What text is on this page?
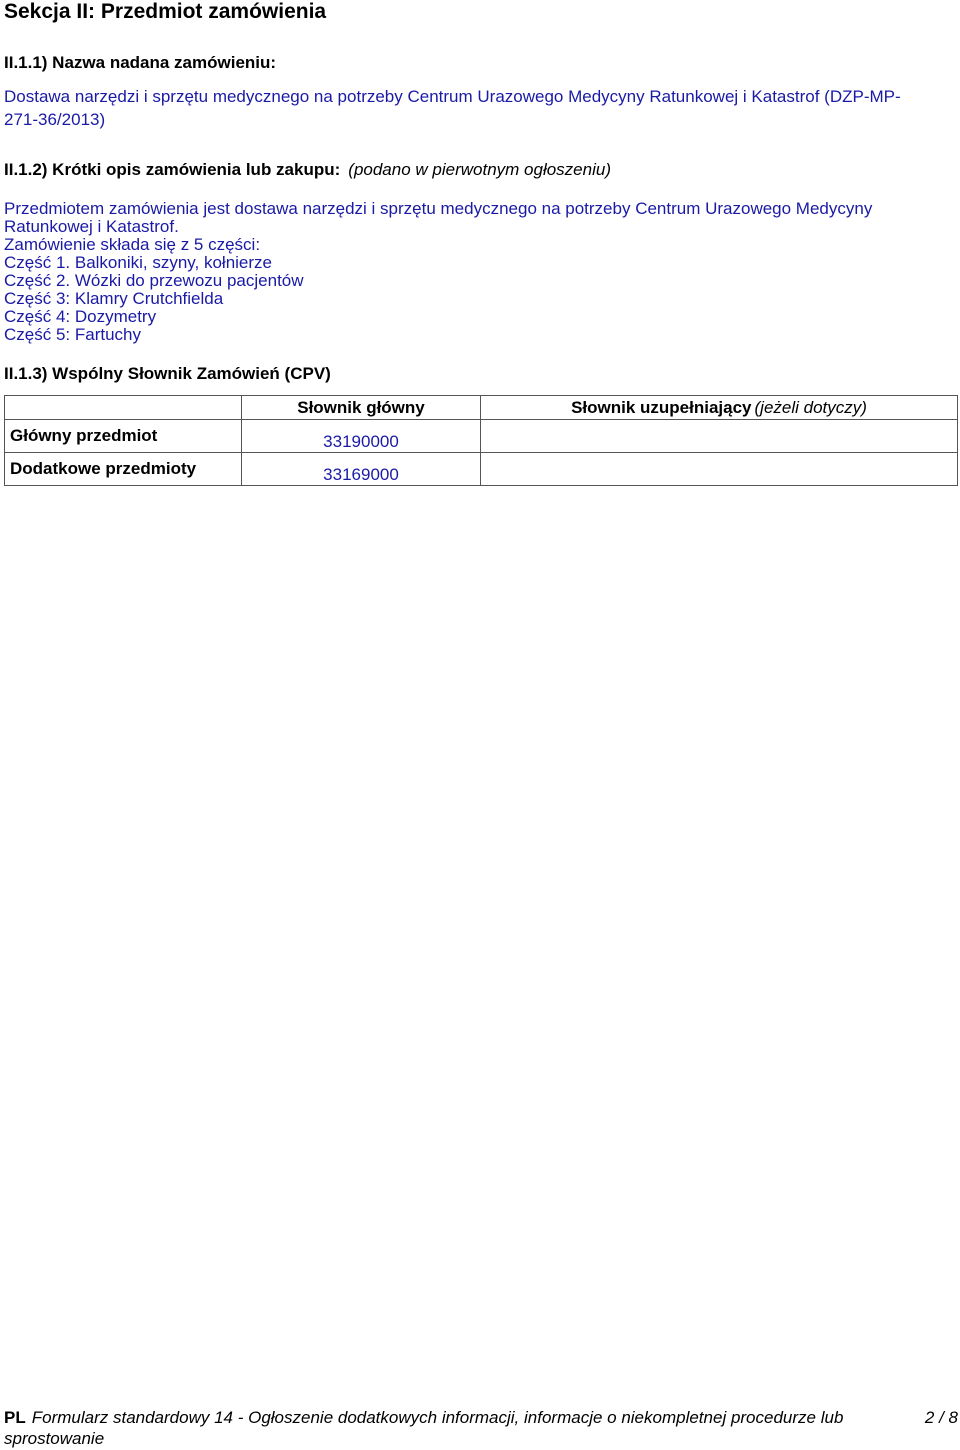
Sekcja II: Przedmiot zamówienia
II.1.1) Nazwa nadana zamówieniu:
Dostawa narzędzi i sprzętu medycznego na potrzeby Centrum Urazowego Medycyny Ratunkowej i Katastrof (DZP-MP-271-36/2013)
II.1.2) Krótki opis zamówienia lub zakupu: (podano w pierwotnym ogłoszeniu)
Przedmiotem zamówienia jest dostawa narzędzi i sprzętu medycznego na potrzeby Centrum Urazowego Medycyny Ratunkowej i Katastrof.
Zamówienie składa się z 5 części:
Część 1. Balkoniki, szyny, kołnierze
Część 2. Wózki do przewozu pacjentów
Część 3: Klamry Crutchfielda
Część 4: Dozymetry
Część 5: Fartuchy
II.1.3) Wspólny Słownik Zamówień (CPV)
	Słownik główny	Słownik uzupełniający (jeżeli dotyczy)
Główny przedmiot	33190000	
Dodatkowe przedmioty	33169000	
PL Formularz standardowy 14 - Ogłoszenie dodatkowych informacji, informacje o niekompletnej procedurze lub sprostowanie
2 / 8
